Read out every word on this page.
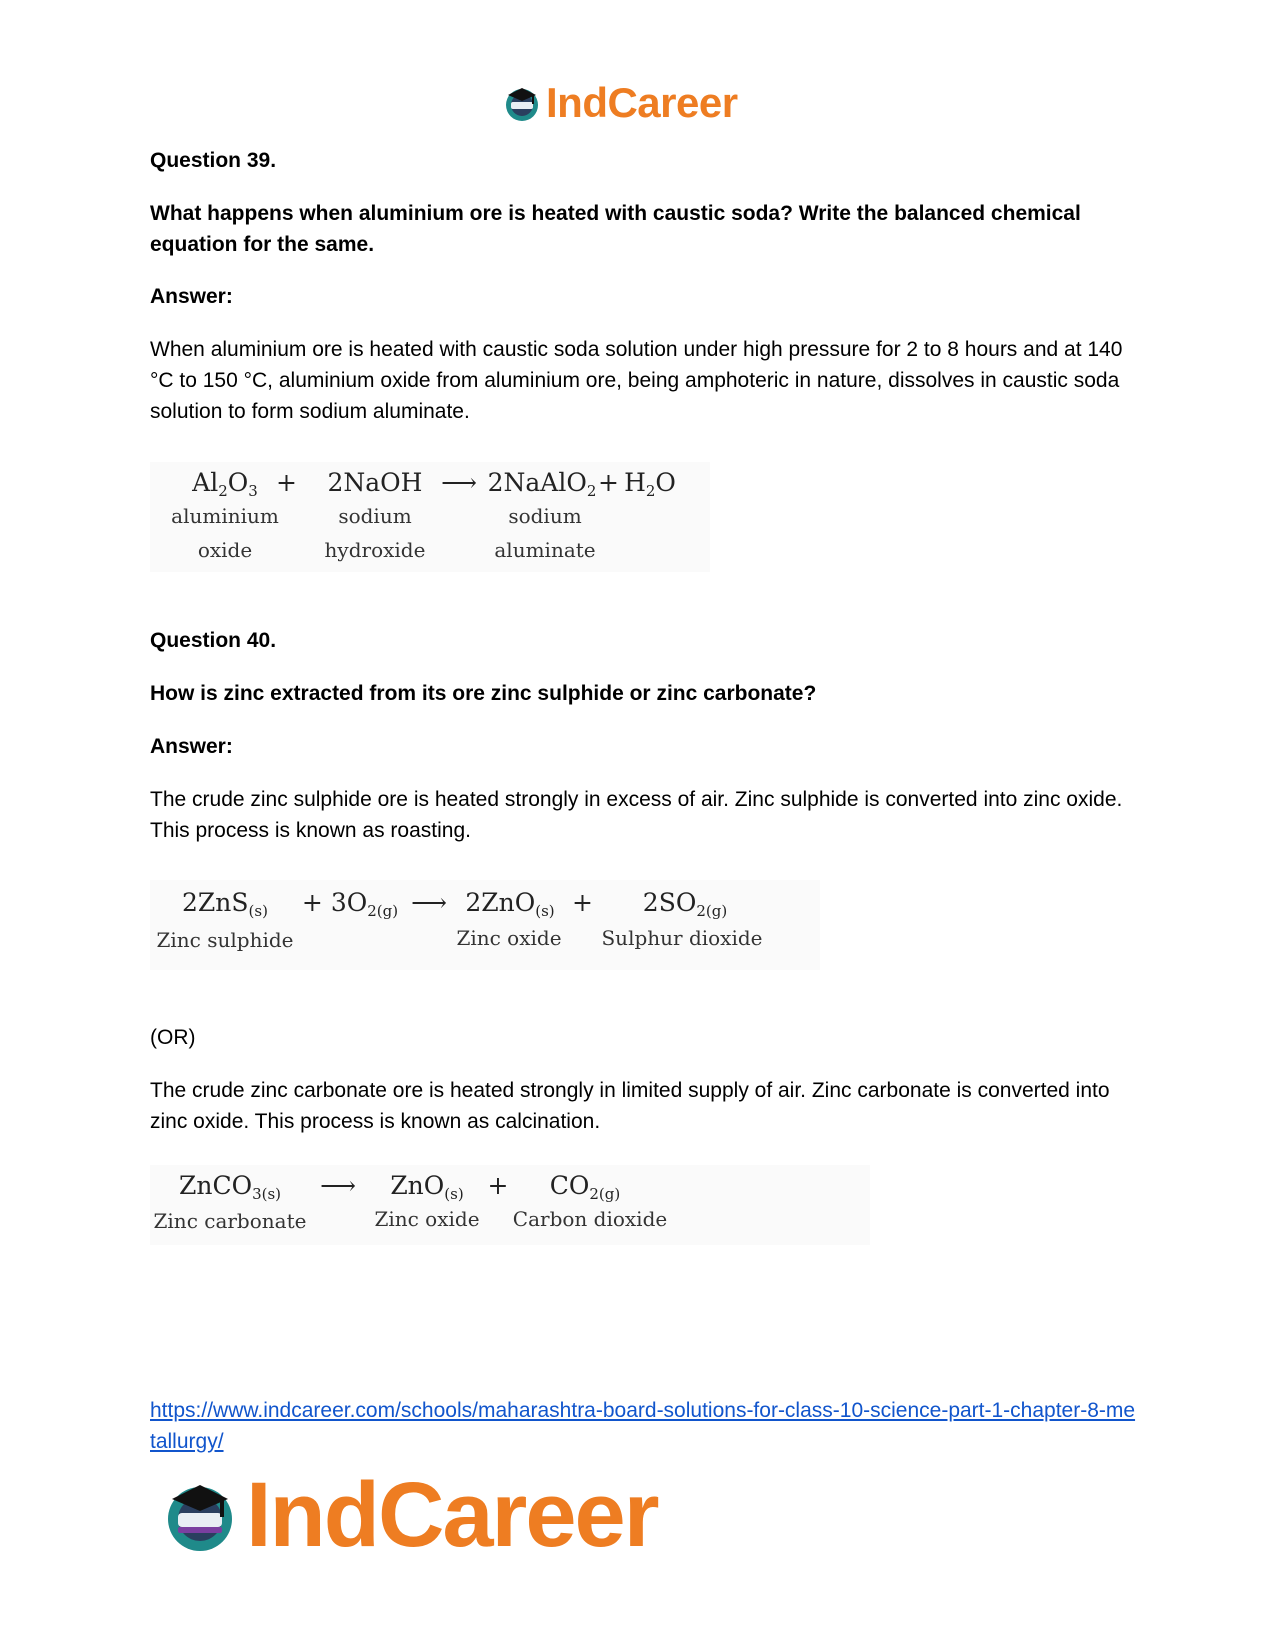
IndCareer
Question 39.
What happens when aluminium ore is heated with caustic soda? Write the balanced chemical equation for the same.
Answer:
When aluminium ore is heated with caustic soda solution under high pressure for 2 to 8 hours and at 140 °C to 150 °C, aluminium oxide from aluminium ore, being amphoteric in nature, dissolves in caustic soda solution to form sodium aluminate.
$Al_2O_3$ +	2NaOH ⟶ 2NaAlO$_2$ + $H_2O$
aluminium
oxide
sodium
hydroxide
sodium
aluminate
Question 40.
How is zinc extracted from its ore zinc sulphide or zinc carbonate?
Answer:
The crude zinc sulphide ore is heated strongly in excess of air. Zinc sulphide is converted into zinc oxide. This process is known as roasting.
2ZnS$_{(s)}$	+ $3O_{2(g)}$ ⟶ 2ZnO$_{(s)}$ +	$2SO_{2(g)}$
Zinc sulphide	Zinc oxide	Sulphur dioxide
(OR)
The crude zinc carbonate ore is heated strongly in limited supply of air. Zinc carbonate is converted into zinc oxide. This process is known as calcination.
ZnCO$_{3(s)}$	⟶	ZnO$_{(s)}$ +	$CO_{2(g)}$
Zinc carbonate	Zinc oxide	Carbon dioxide
https://www.indcareer.com/schools/maharashtra-board-solutions-for-class-10-science-part-1-chapter-8-metallurgy/
IndCareer
